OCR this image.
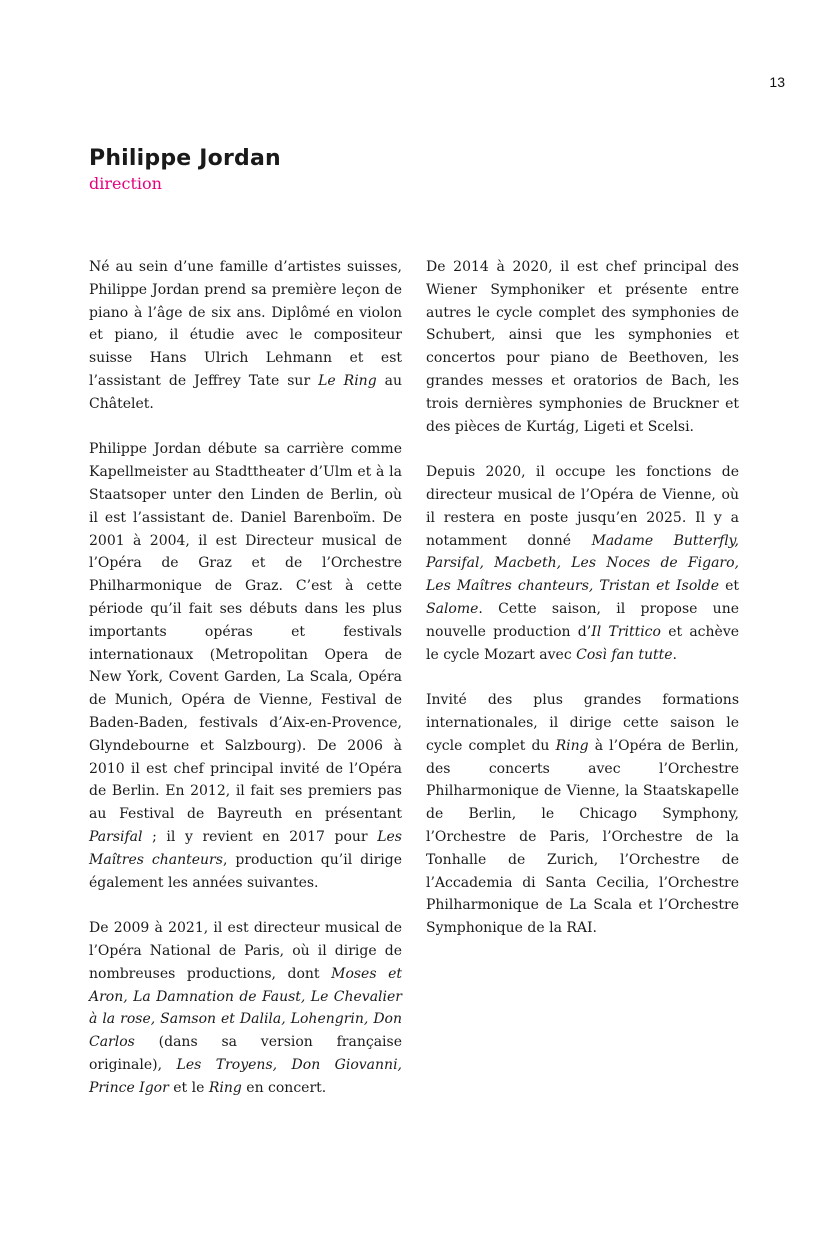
13
Philippe Jordan
direction

Né au sein d’une famille d’artistes suisses, Philippe Jordan prend sa première leçon de piano à l’âge de six ans. Diplômé en violon et piano, il étudie avec le compositeur suisse Hans Ulrich Lehmann et est l’assistant de Jeffrey Tate sur Le Ring au Châtelet.

Philippe Jordan débute sa carrière comme Kapellmeister au Stadttheater d’Ulm et à la Staatsoper unter den Linden de Berlin, où il est l’assistant de. Daniel Barenboïm. De 2001 à 2004, il est Directeur musical de l’Opéra de Graz et de l’Orchestre Philharmonique de Graz. C’est à cette période qu’il fait ses débuts dans les plus importants opéras et festivals internationaux (Metropolitan Opera de New York, Covent Garden, La Scala, Opéra de Munich, Opéra de Vienne, Festival de Baden-Baden, festivals d’Aix-en-Provence, Glyndebourne et Salzbourg). De 2006 à 2010 il est chef principal invité de l’Opéra de Berlin. En 2012, il fait ses premiers pas au Festival de Bayreuth en présentant Parsifal ; il y revient en 2017 pour Les Maîtres chanteurs, production qu’il dirige également les années suivantes.

De 2009 à 2021, il est directeur musical de l’Opéra National de Paris, où il dirige de nombreuses productions, dont Moses et Aron, La Damnation de Faust, Le Chevalier à la rose, Samson et Dalila, Lohengrin, Don Carlos (dans sa version française originale), Les Troyens, Don Giovanni, Prince Igor et le Ring en concert.

De 2014 à 2020, il est chef principal des Wiener Symphoniker et présente entre autres le cycle complet des symphonies de Schubert, ainsi que les symphonies et concertos pour piano de Beethoven, les grandes messes et oratorios de Bach, les trois dernières symphonies de Bruckner et des pièces de Kurtág, Ligeti et Scelsi.

Depuis 2020, il occupe les fonctions de directeur musical de l’Opéra de Vienne, où il restera en poste jusqu’en 2025. Il y a notamment donné Madame Butterfly, Parsifal, Macbeth, Les Noces de Figaro, Les Maîtres chanteurs, Tristan et Isolde et Salome. Cette saison, il propose une nouvelle production d’Il Trittico et achève le cycle Mozart avec Così fan tutte.

Invité des plus grandes formations internationales, il dirige cette saison le cycle complet du Ring à l’Opéra de Berlin, des concerts avec l’Orchestre Philharmonique de Vienne, la Staatskapelle de Berlin, le Chicago Symphony, l’Orchestre de Paris, l’Orchestre de la Tonhalle de Zurich, l’Orchestre de l’Accademia di Santa Cecilia, l’Orchestre Philharmonique de La Scala et l’Orchestre Symphonique de la RAI.
